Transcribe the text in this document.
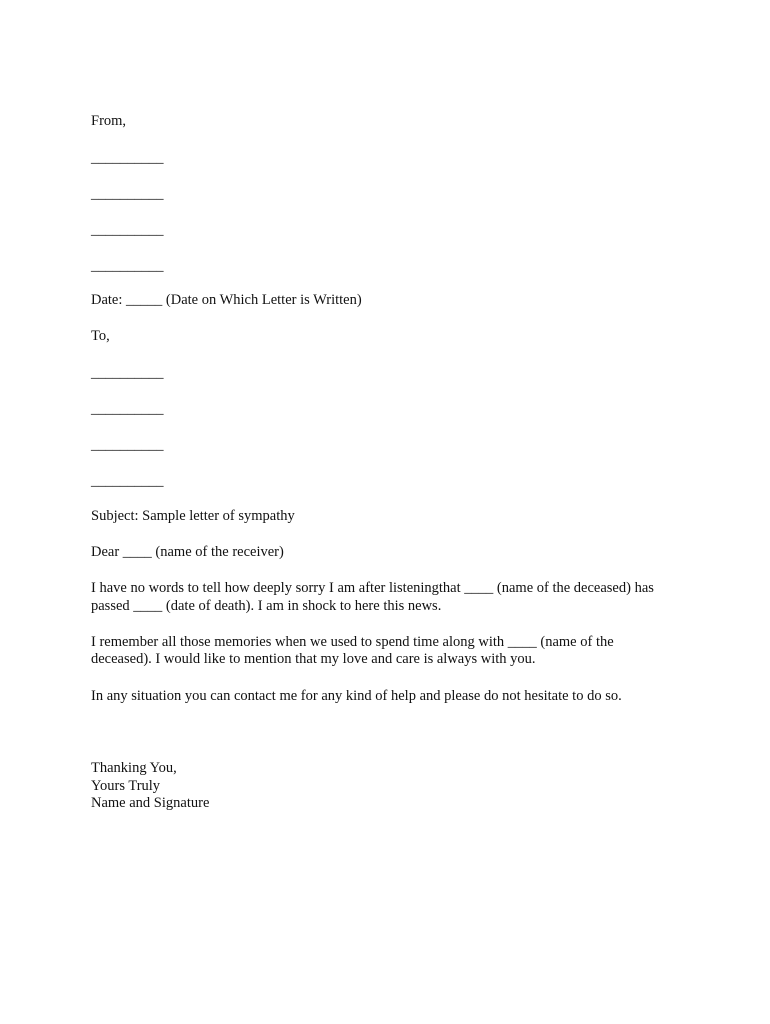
From,
__________
__________
__________
__________
Date: _____ (Date on Which Letter is Written)
To,
__________
__________
__________
__________
Subject: Sample letter of sympathy
Dear ____ (name of the receiver)
I have no words to tell how deeply sorry I am after listeningthat ____ (name of the deceased) has
passed ____ (date of death). I am in shock to here this news.
I remember all those memories when we used to spend time along with ____ (name of the
deceased). I would like to mention that my love and care is always with you.
In any situation you can contact me for any kind of help and please do not hesitate to do so.
Thanking You,
Yours Truly
Name and Signature
